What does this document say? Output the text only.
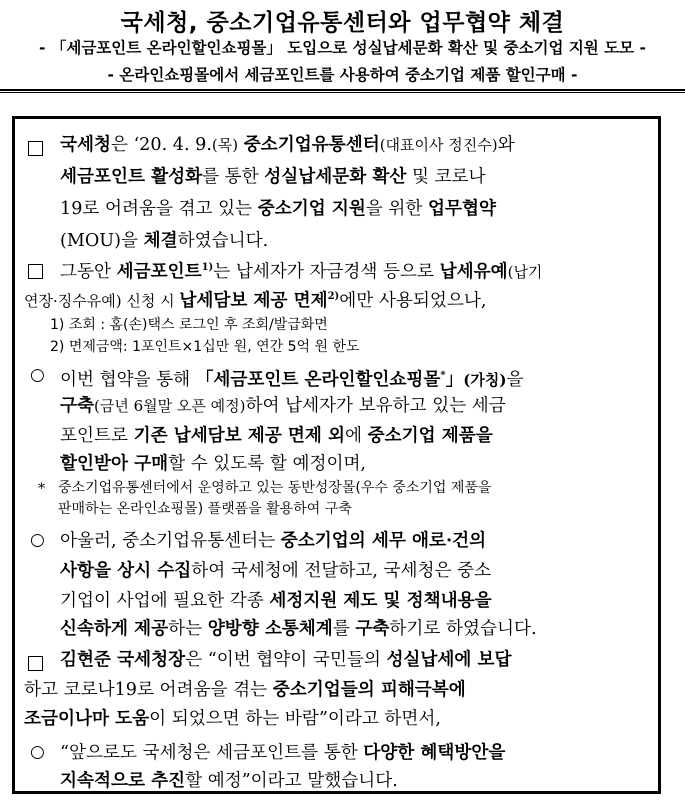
국세청, 중소기업유통센터와 업무협약 체결
- 「세금포인트 온라인할인쇼핑몰」 도입으로 성실납세문화 확산 및 중소기업 지원 도모 -
- 온라인쇼핑몰에서 세금포인트를 사용하여 중소기업 제품 할인구매 -
국세청은 ‘20. 4. 9.(목) 중소기업유통센터(대표이사 정진수)와
세금포인트 활성화를 통한 성실납세문화 확산 및 코로나
19로 어려움을 겪고 있는 중소기업 지원을 위한 업무협약
(MOU)을 체결하였습니다.
그동안 세금포인트$^{1)}$는 납세자가 자금경색 등으로 납세유예(납기
연장·징수유예) 신청 시 납세담보 제공 면제$^{2)}$에만 사용되었으나,
1) 조회 : 홈(손)택스 로그인 후 조회/발급화면
2) 면제금액: 1포인트×1십만 원, 연간 5억 원 한도
○ 이번 협약을 통해 「세금포인트 온라인할인쇼핑몰*」(가칭)을
구축(금년 6월말 오픈 예정)하여 납세자가 보유하고 있는 세금
포인트로 기존 납세담보 제공 면제 외에 중소기업 제품을
할인받아 구매할 수 있도록 할 예정이며,
* 중소기업유통센터에서 운영하고 있는 동반성장몰(우수 중소기업 제품을
판매하는 온라인쇼핑몰) 플랫폼을 활용하여 구축
○ 아울러, 중소기업유통센터는 중소기업의 세무 애로·건의
사항을 상시 수집하여 국세청에 전달하고, 국세청은 중소
기업이 사업에 필요한 각종 세정지원 제도 및 정책내용을
신속하게 제공하는 양방향 소통체계를 구축하기로 하였습니다.
김현준 국세청장은 “이번 협약이 국민들의 성실납세에 보답
하고 코로나19로 어려움을 겪는 중소기업들의 피해극복에
조금이나마 도움이 되었으면 하는 바람”이라고 하면서,
○ “앞으로도 국세청은 세금포인트를 통한 다양한 혜택방안을
지속적으로 추진할 예정”이라고 말했습니다.
